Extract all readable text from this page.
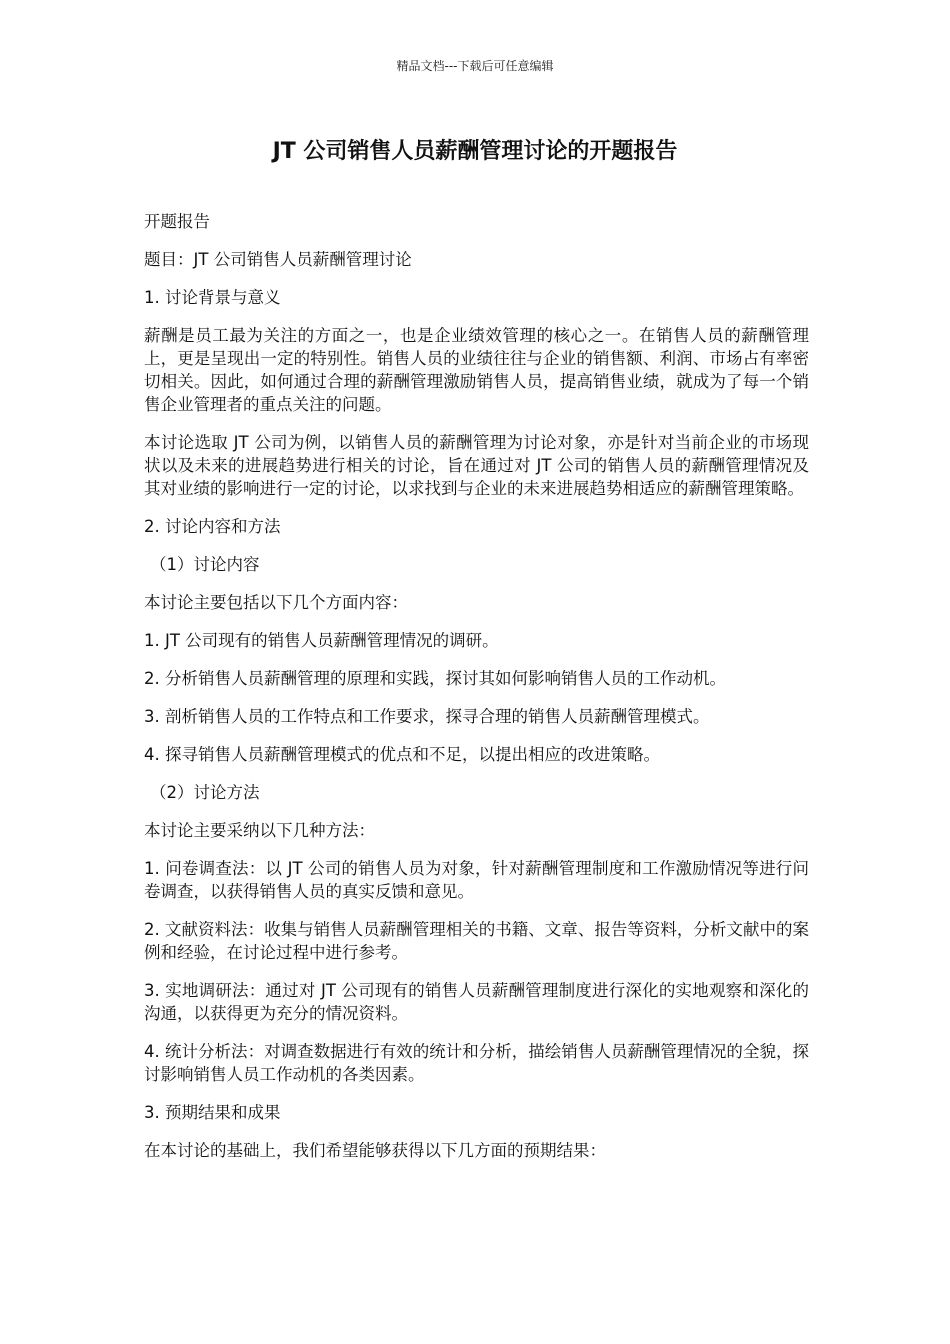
精品文档---下载后可任意编辑
JT 公司销售人员薪酬管理讨论的开题报告

开题报告

题目：JT 公司销售人员薪酬管理讨论

1. 讨论背景与意义

薪酬是员工最为关注的方面之一，也是企业绩效管理的核心之一。在销售人员的薪酬管理上，更是呈现出一定的特别性。销售人员的业绩往往与企业的销售额、利润、市场占有率密切相关。因此，如何通过合理的薪酬管理激励销售人员，提高销售业绩，就成为了每一个销售企业管理者的重点关注的问题。

本讨论选取 JT 公司为例，以销售人员的薪酬管理为讨论对象，亦是针对当前企业的市场现状以及未来的进展趋势进行相关的讨论，旨在通过对 JT 公司的销售人员的薪酬管理情况及其对业绩的影响进行一定的讨论，以求找到与企业的未来进展趋势相适应的薪酬管理策略。

2. 讨论内容和方法

（1）讨论内容

本讨论主要包括以下几个方面内容：

1. JT 公司现有的销售人员薪酬管理情况的调研。

2. 分析销售人员薪酬管理的原理和实践，探讨其如何影响销售人员的工作动机。

3. 剖析销售人员的工作特点和工作要求，探寻合理的销售人员薪酬管理模式。

4. 探寻销售人员薪酬管理模式的优点和不足，以提出相应的改进策略。

（2）讨论方法

本讨论主要采纳以下几种方法：

1. 问卷调查法：以 JT 公司的销售人员为对象，针对薪酬管理制度和工作激励情况等进行问卷调查，以获得销售人员的真实反馈和意见。

2. 文献资料法：收集与销售人员薪酬管理相关的书籍、文章、报告等资料，分析文献中的案例和经验，在讨论过程中进行参考。

3. 实地调研法：通过对 JT 公司现有的销售人员薪酬管理制度进行深化的实地观察和深化的沟通，以获得更为充分的情况资料。

4. 统计分析法：对调查数据进行有效的统计和分析，描绘销售人员薪酬管理情况的全貌，探讨影响销售人员工作动机的各类因素。

3. 预期结果和成果

在本讨论的基础上，我们希望能够获得以下几方面的预期结果：
